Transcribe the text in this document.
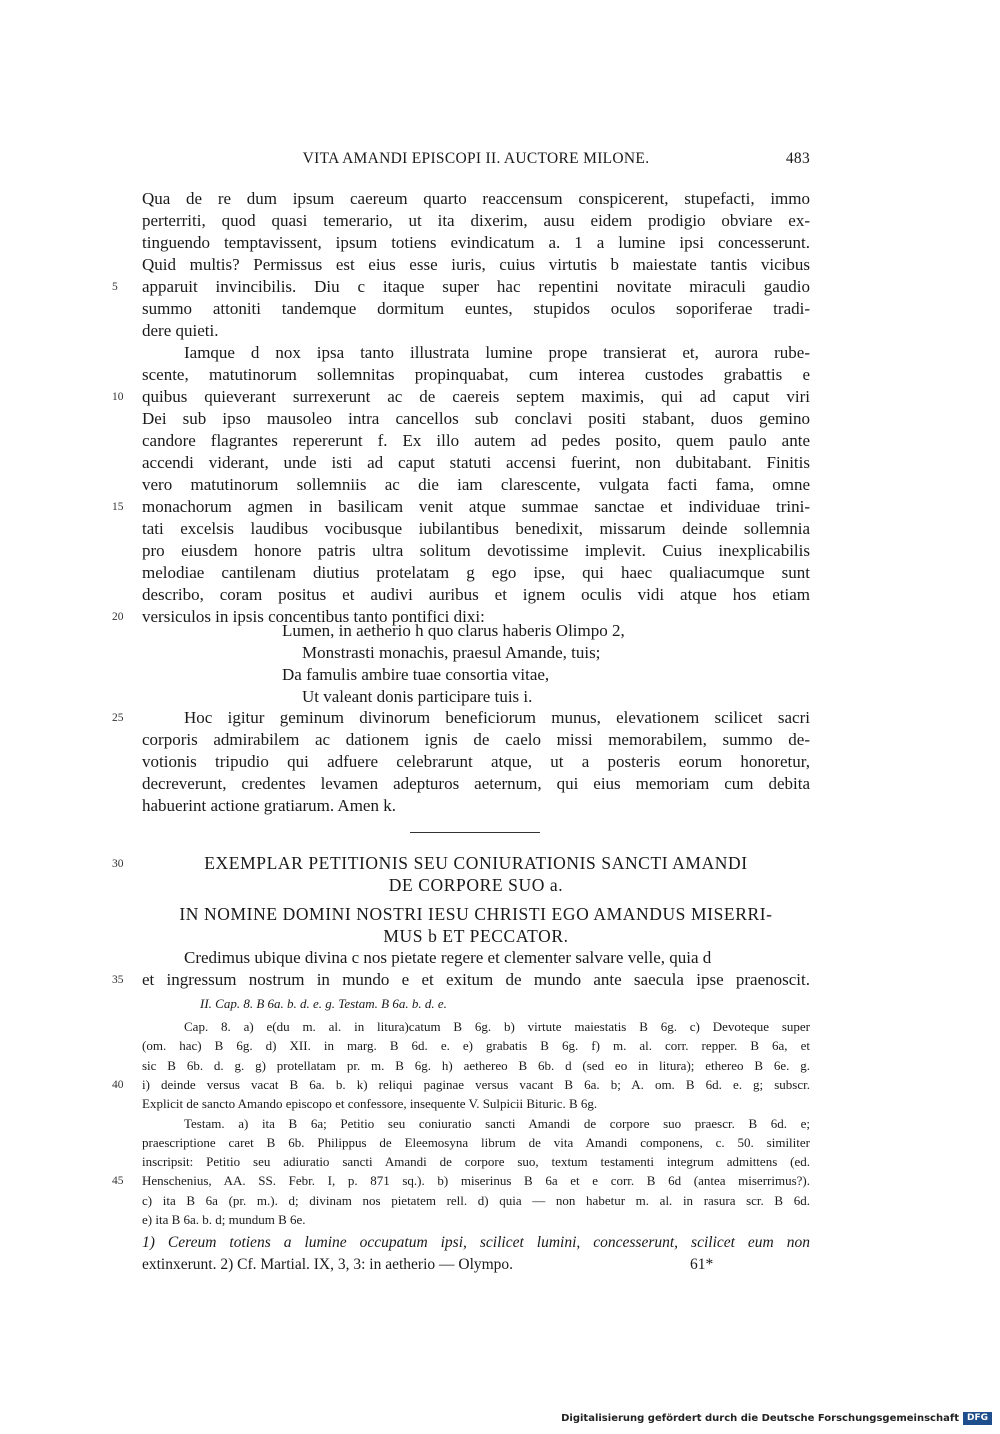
VITA AMANDI EPISCOPI II. AUCTORE MILONE.	483
Qua de re dum ipsum caereum quarto reaccensum conspicerent, stupefacti, immo
perterriti, quod quasi temerario, ut ita dixerim, ausu eidem prodigio obviare ex-
tinguendo temptavissent, ipsum totiens evindicatum a. 1 a lumine ipsi concesserunt.
Quid multis? Permissus est eius esse iuris, cuius virtutis b maiestate tantis vicibus
apparuit invincibilis. Diu c itaque super hac repentini novitate miraculi gaudio
5
summo attoniti tandemque dormitum euntes, stupidos oculos soporiferae tradi-
dere quieti.
Iamque d nox ipsa tanto illustrata lumine prope transierat et, aurora rube-
scente, matutinorum sollemnitas propinquabat, cum interea custodes grabattis e
quibus quieverant surrexerunt ac de caereis septem maximis, qui ad caput viri
10
Dei sub ipso mausoleo intra cancellos sub conclavi positi stabant, duos gemino
candore flagrantes repererunt f. Ex illo autem ad pedes posito, quem paulo ante
accendi viderant, unde isti ad caput statuti accensi fuerint, non dubitabant. Finitis
vero matutinorum sollemniis ac die iam clarescente, vulgata facti fama, omne
monachorum agmen in basilicam venit atque summae sanctae et individuae trini-
15
tati excelsis laudibus vocibusque iubilantibus benedixit, missarum deinde sollemnia
pro eiusdem honore patris ultra solitum devotissime implevit. Cuius inexplicabilis
melodiae cantilenam diutius protelatam g ego ipse, qui haec qualiacumque sunt
describo, coram positus et audivi auribus et ignem oculis vidi atque hos etiam
versiculos in ipsis concentibus tanto pontifici dixi:
20
Lumen, in aetherio h quo clarus haberis Olimpo 2,
Monstrasti monachis, praesul Amande, tuis;
Da famulis ambire tuae consortia vitae,
Ut valeant donis participare tuis i.
Hoc igitur geminum divinorum beneficiorum munus, elevationem scilicet sacri
25
corporis admirabilem ac dationem ignis de caelo missi memorabilem, summo de-
votionis tripudio qui adfuere celebrarunt atque, ut a posteris eorum honoretur,
decreverunt, credentes levamen adepturos aeternum, qui eius memoriam cum debita
habuerint actione gratiarum. Amen k.
EXEMPLAR PETITIONIS SEU CONIURATIONIS SANCTI AMANDI
30
DE CORPORE SUO a.
IN NOMINE DOMINI NOSTRI IESU CHRISTI EGO AMANDUS MISERRI-
MUS b ET PECCATOR.
Credimus ubique divina c nos pietate regere et clementer salvare velle, quia d
et ingressum nostrum in mundo e et exitum de mundo ante saecula ipse praenoscit.
35
II. Cap. 8. B 6a. b. d. e. g. Testam. B 6a. b. d. e.
Cap. 8. a) e(du m. al. in litura)catum B 6g. b) virtute maiestatis B 6g. c) Devoteque super
(om. hac) B 6g. d) XII. in marg. B 6d. e. e) grabatis B 6g. f) m. al. corr. repper. B 6a, et
sic B 6b. d. g. g) protellatam pr. m. B 6g. h) aethereo B 6b. d (sed eo in litura); ethereo B 6e. g.
i) deinde versus vacat B 6a. b. k) reliqui paginae versus vacant B 6a. b; A. om. B 6d. e. g; subscr.
40
Explicit de sancto Amando episcopo et confessore, insequente V. Sulpicii Bituric. B 6g.
Testam. a) ita B 6a; Petitio seu coniuratio sancti Amandi de corpore suo praescr. B 6d. e;
praescriptione caret B 6b. Philippus de Eleemosyna librum de vita Amandi componens, c. 50. similiter
inscripsit: Petitio seu adiuratio sancti Amandi de corpore suo, textum testamenti integrum admittens (ed.
Henschenius, AA. SS. Febr. I, p. 871 sq.). b) miserinus B 6a et e corr. B 6d (antea miserrimus?).
45
c) ita B 6a (pr. m.). d; divinam nos pietatem rell. d) quia — non habetur m. al. in rasura scr. B 6d.
e) ita B 6a. b. d; mundum B 6e.
1) Cereum totiens a lumine occupatum ipsi, scilicet lumini, concesserunt, scilicet eum non
extinxerunt. 2) Cf. Martial. IX, 3, 3: in aetherio — Olympo.	61*
Digitalisierung gefördert durch die Deutsche Forschungsgemeinschaft DFG
